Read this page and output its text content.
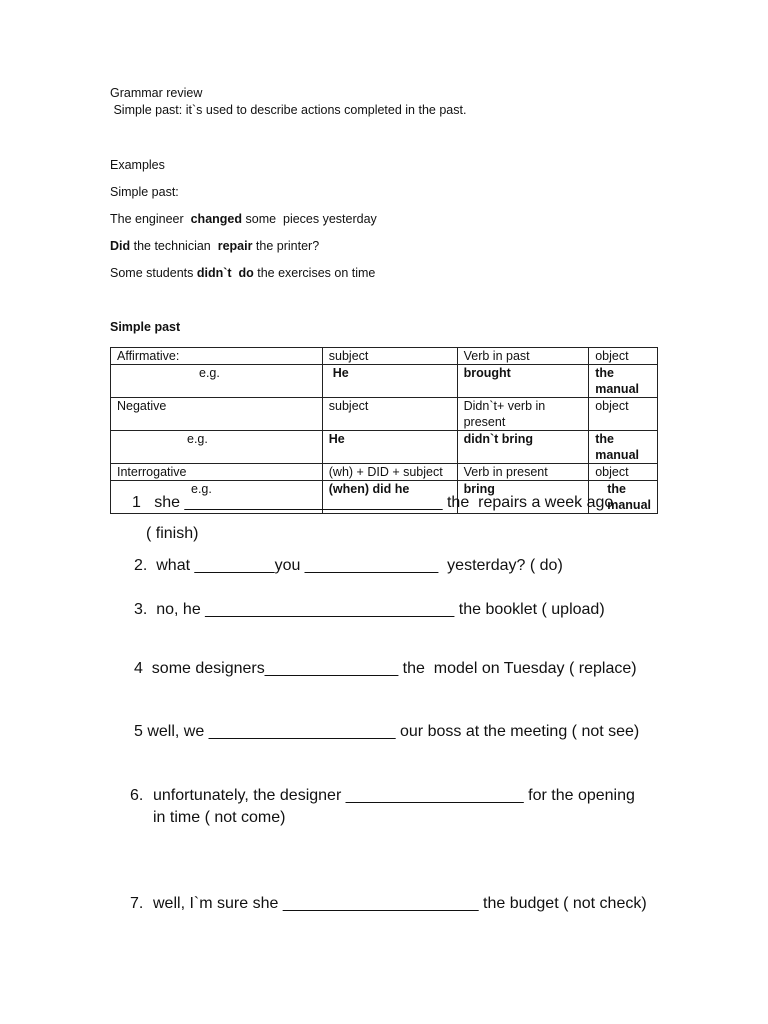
Grammar review
Simple past: it`s used to describe actions completed in the past.
Examples
Simple past:
The engineer  changed some  pieces yesterday
Did the technician  repair the printer?
Some students didn`t  do the exercises on time
Simple past
Affirmative:	subject	Verb in past	object
e.g.	He	brought	the manual
Negative	subject	Didn`t+ verb in present	object
e.g.	He	didn`t bring	the manual
Interrogative	(wh) + DID + subject	Verb in present	object
e.g.	(when) did he	bring	the manual
1   she _____________________________ the  repairs a week ago
( finish)
2.  what _________you _______________  yesterday? ( do)
3.  no, he ____________________________ the booklet ( upload)
4  some designers_______________ the  model on Tuesday ( replace)
5 well, we _____________________ our boss at the meeting ( not see)
6. unfortunately, the designer ____________________ for the opening
in time ( not come)
7. well, I`m sure she ______________________ the budget ( not check)
